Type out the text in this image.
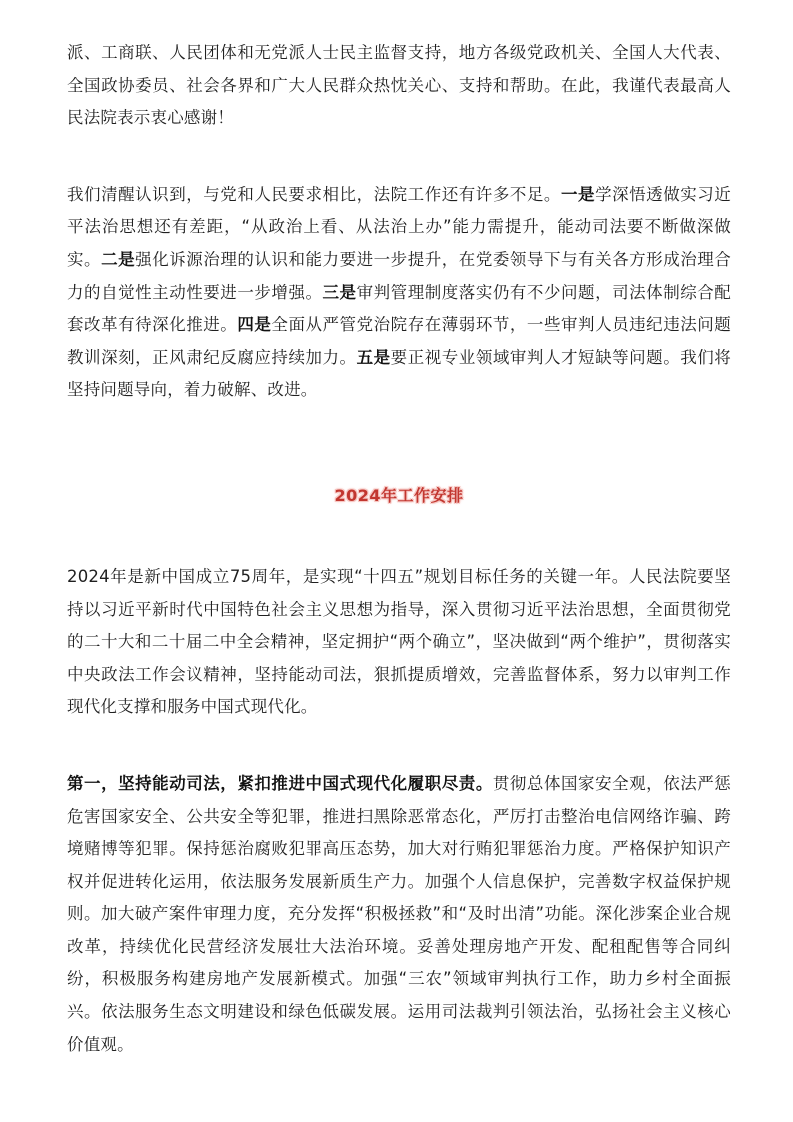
派、工商联、人民团体和无党派人士民主监督支持，地方各级党政机关、全国人大代表、全国政协委员、社会各界和广大人民群众热忱关心、支持和帮助。在此，我谨代表最高人民法院表示衷心感谢！

我们清醒认识到，与党和人民要求相比，法院工作还有许多不足。一是学深悟透做实习近平法治思想还有差距，“从政治上看、从法治上办”能力需提升，能动司法要不断做深做实。二是强化诉源治理的认识和能力要进一步提升，在党委领导下与有关各方形成治理合力的自觉性主动性要进一步增强。三是审判管理制度落实仍有不少问题，司法体制综合配套改革有待深化推进。四是全面从严管党治院存在薄弱环节，一些审判人员违纪违法问题教训深刻，正风肃纪反腐应持续加力。五是要正视专业领域审判人才短缺等问题。我们将坚持问题导向，着力破解、改进。

2024年工作安排

2024年是新中国成立75周年，是实现“十四五”规划目标任务的关键一年。人民法院要坚持以习近平新时代中国特色社会主义思想为指导，深入贯彻习近平法治思想，全面贯彻党的二十大和二十届二中全会精神，坚定拥护“两个确立”，坚决做到“两个维护”，贯彻落实中央政法工作会议精神，坚持能动司法，狠抓提质增效，完善监督体系，努力以审判工作现代化支撑和服务中国式现代化。

第一，坚持能动司法，紧扣推进中国式现代化履职尽责。贯彻总体国家安全观，依法严惩危害国家安全、公共安全等犯罪，推进扫黑除恶常态化，严厉打击整治电信网络诈骗、跨境赌博等犯罪。保持惩治腐败犯罪高压态势，加大对行贿犯罪惩治力度。严格保护知识产权并促进转化运用，依法服务发展新质生产力。加强个人信息保护，完善数字权益保护规则。加大破产案件审理力度，充分发挥“积极拯救”和“及时出清”功能。深化涉案企业合规改革，持续优化民营经济发展壮大法治环境。妥善处理房地产开发、配租配售等合同纠纷，积极服务构建房地产发展新模式。加强“三农”领域审判执行工作，助力乡村全面振兴。依法服务生态文明建设和绿色低碳发展。运用司法裁判引领法治，弘扬社会主义核心价值观。
